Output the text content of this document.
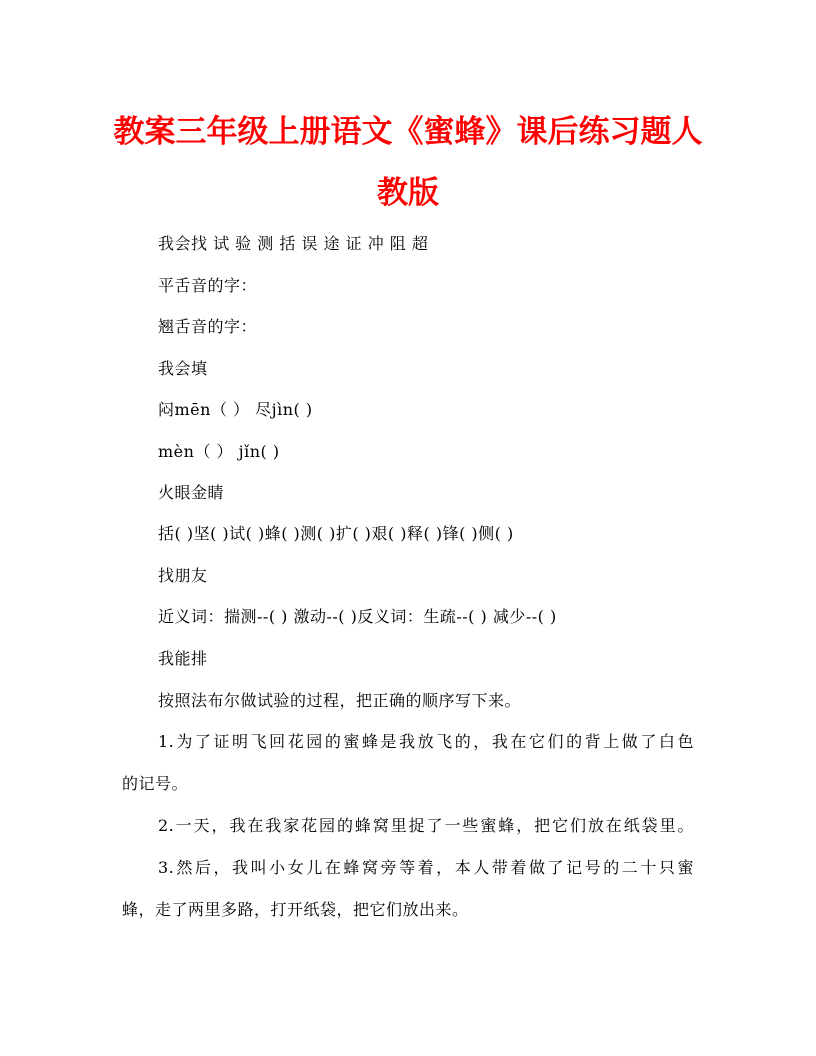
教案三年级上册语文《蜜蜂》课后练习题人
教版
我会找 试 验 测 括 误 途 证 冲 阻 超
平舌音的字：
翘舌音的字：
我会填
闷mēn（ ） 尽jìn( )
mèn（ ） jǐn( )
火眼金睛
括( )坚( )试( )蜂( )测( )扩( )艰( )释( )锋( )侧( )
找朋友
近义词：揣测--( ) 激动--( )反义词：生疏--( ) 减少--( )
我能排
按照法布尔做试验的过程，把正确的顺序写下来。
1.为了证明飞回花园的蜜蜂是我放飞的，我在它们的背上做了白色
的记号。
2.一天，我在我家花园的蜂窝里捉了一些蜜蜂，把它们放在纸袋里。
3.然后，我叫小女儿在蜂窝旁等着，本人带着做了记号的二十只蜜
蜂，走了两里多路，打开纸袋，把它们放出来。
